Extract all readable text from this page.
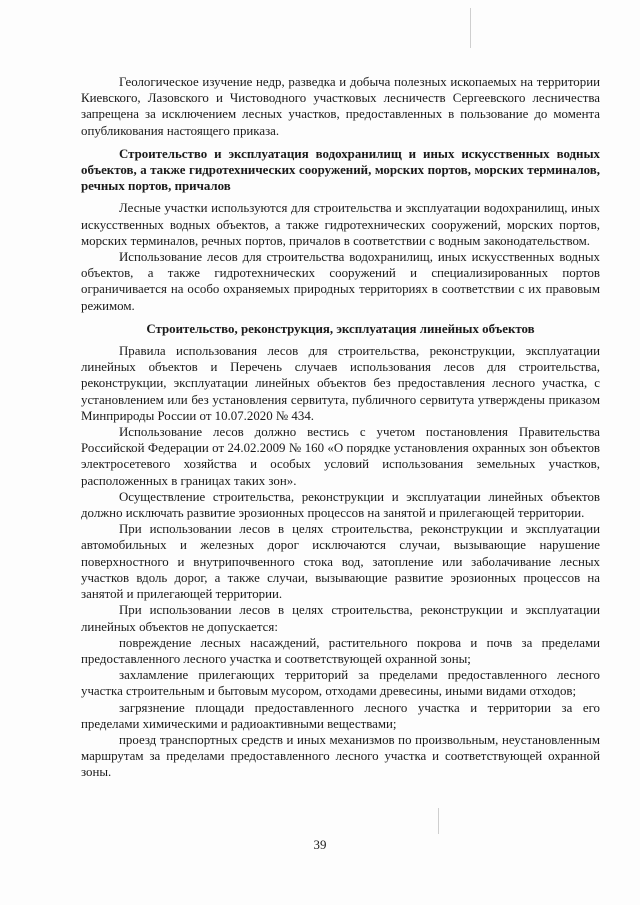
Геологическое изучение недр, разведка и добыча полезных ископаемых на территории Киевского, Лазовского и Чистоводного участковых лесничеств Сергеевского лесничества запрещена за исключением лесных участков, предоставленных в пользование до момента опубликования настоящего приказа.

Строительство и эксплуатация водохранилищ и иных искусственных водных объектов, а также гидротехнических сооружений, морских портов, морских терминалов, речных портов, причалов

Лесные участки используются для строительства и эксплуатации водохранилищ, иных искусственных водных объектов, а также гидротехнических сооружений, морских портов, морских терминалов, речных портов, причалов в соответствии с водным законодательством.

Использование лесов для строительства водохранилищ, иных искусственных водных объектов, а также гидротехнических сооружений и специализированных портов ограничивается на особо охраняемых природных территориях в соответствии с их правовым режимом.

Строительство, реконструкция, эксплуатация линейных объектов

Правила использования лесов для строительства, реконструкции, эксплуатации линейных объектов и Перечень случаев использования лесов для строительства, реконструкции, эксплуатации линейных объектов без предоставления лесного участка, с установлением или без установления сервитута, публичного сервитута утверждены приказом Минприроды России от 10.07.2020 № 434.

Использование лесов должно вестись с учетом постановления Правительства Российской Федерации от 24.02.2009 № 160 «О порядке установления охранных зон объектов электросетевого хозяйства и особых условий использования земельных участков, расположенных в границах таких зон».

Осуществление строительства, реконструкции и эксплуатации линейных объектов должно исключать развитие эрозионных процессов на занятой и прилегающей территории.

При использовании лесов в целях строительства, реконструкции и эксплуатации автомобильных и железных дорог исключаются случаи, вызывающие нарушение поверхностного и внутрипочвенного стока вод, затопление или заболачивание лесных участков вдоль дорог, а также случаи, вызывающие развитие эрозионных процессов на занятой и прилегающей территории.

При использовании лесов в целях строительства, реконструкции и эксплуатации линейных объектов не допускается:

повреждение лесных насаждений, растительного покрова и почв за пределами предоставленного лесного участка и соответствующей охранной зоны;

захламление прилегающих территорий за пределами предоставленного лесного участка строительным и бытовым мусором, отходами древесины, иными видами отходов;

загрязнение площади предоставленного лесного участка и территории за его пределами химическими и радиоактивными веществами;

проезд транспортных средств и иных механизмов по произвольным, неустановленным маршрутам за пределами предоставленного лесного участка и соответствующей охранной зоны.

39
